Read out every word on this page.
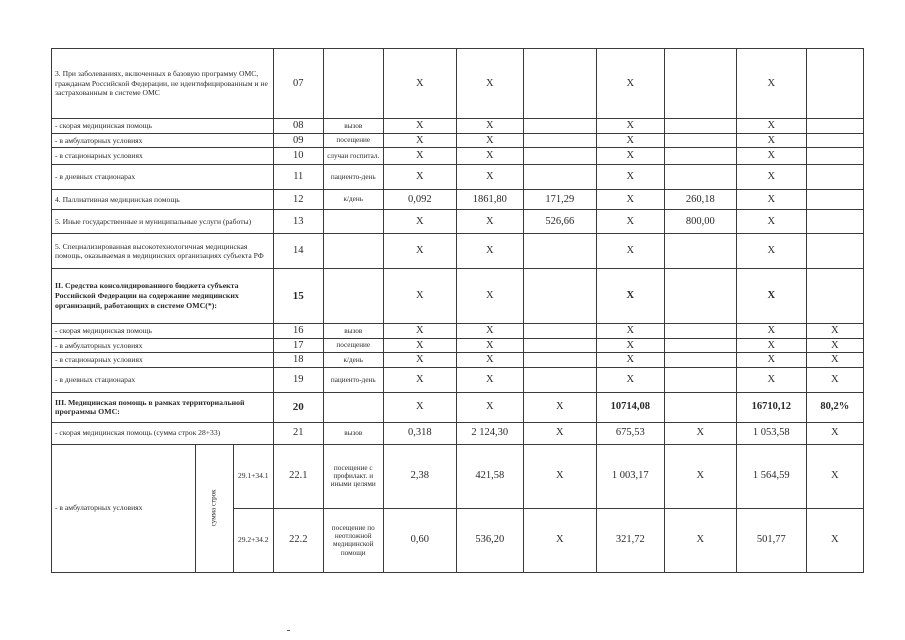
3. При заболеваниях, включенных в базовую программу ОМС, гражданам Российской Федерации, не идентифицированным и не застрахованным в системе ОМС			07		X	X		X		X	
- скорая медицинская помощь			08	вызов	X	X		X		X	
- в амбулаторных условиях			09	посещение	X	X		X		X	
- в стационарных условиях			10	случаи госпитал.	X	X		X		X	
- в дневных стационарах			11	пациенто-день	X	X		X		X	
4. Паллиативная медицинская помощь			12	к/день	0,092	1861,80	171,29	X	260,18	X	
5. Иные государственные и муниципальные услуги (работы)			13		X	X	526,66	X	800,00	X	
5. Специализированная высокотехнологичная медицинская помощь, оказываемая в медицинских организациях субъекта РФ			14		X	X		X		X	
II. Средства консолидированного бюджета субъекта Российской Федерации на содержание медицинских организаций, работающих в системе ОМС(*):			15		X	X		X		X	
- скорая медицинская помощь			16	вызов	X	X		X		X	X
- в амбулаторных условиях			17	посещение	X	X		X		X	X
- в стационарных условиях			18	к/день	X	X		X		X	X
- в дневных стационарах			19	пациенто-день	X	X		X		X	X
III. Медицинская помощь в рамках территориальной программы ОМС:			20		X	X	X	10714,08		16710,12	80,2%
- скорая медицинская помощь (сумма строк 28+33)			21	вызов	0,318	2 124,30	X	675,53	X	1 053,58	X
- в амбулаторных условиях	сумма строк	29.1+34.1	22.1	посещение с профилакт. и иными целями	2,38	421,58	X	1 003,17	X	1 564,59	X
		29.2+34.2	22.2	посещение по неотложной медицинской помощи	0,60	536,20	X	321,72	X	501,77	X
